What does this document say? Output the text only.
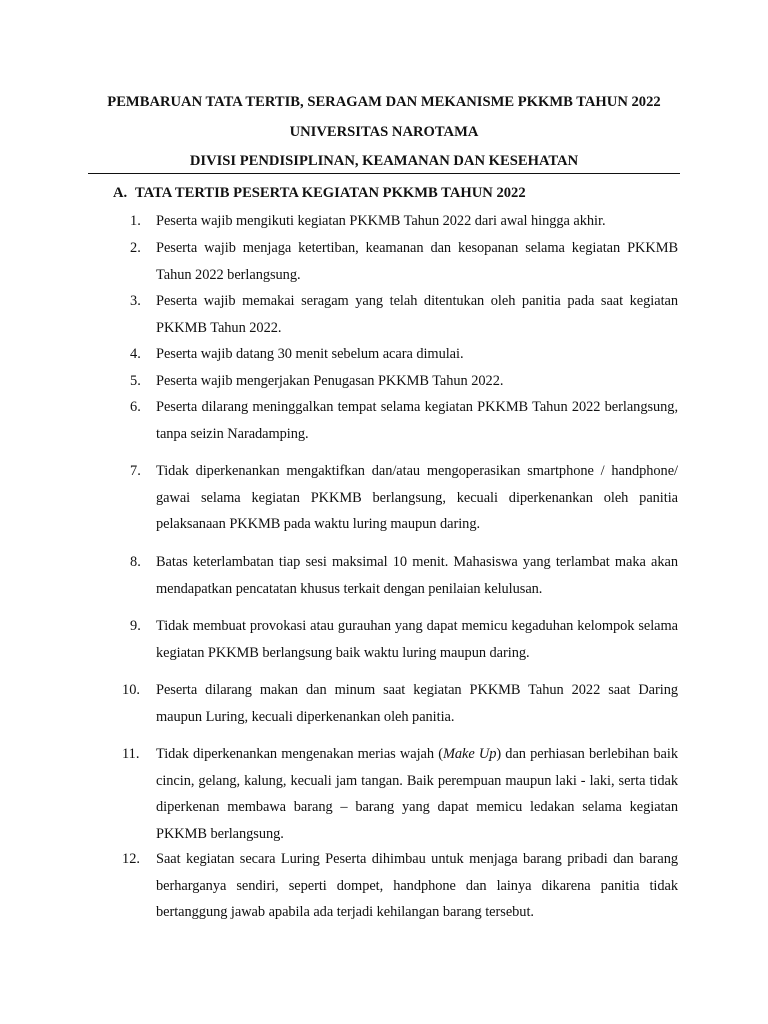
PEMBARUAN TATA TERTIB, SERAGAM DAN MEKANISME PKKMB TAHUN 2022
UNIVERSITAS NAROTAMA
DIVISI PENDISIPLINAN, KEAMANAN DAN KESEHATAN
A. TATA TERTIB PESERTA KEGIATAN PKKMB TAHUN 2022
1.	Peserta wajib mengikuti kegiatan PKKMB Tahun 2022 dari awal hingga akhir.
2.	Peserta wajib menjaga ketertiban, keamanan dan kesopanan selama kegiatan PKKMB Tahun 2022 berlangsung.
3.	Peserta wajib memakai seragam yang telah ditentukan oleh panitia pada saat kegiatan PKKMB Tahun 2022.
4.	Peserta wajib datang 30 menit sebelum acara dimulai.
5.	Peserta wajib mengerjakan Penugasan PKKMB Tahun 2022.
6.	Peserta dilarang meninggalkan tempat selama kegiatan PKKMB Tahun 2022 berlangsung, tanpa seizin Naradamping.
7.	Tidak diperkenankan mengaktifkan dan/atau mengoperasikan smartphone / handphone/ gawai selama kegiatan PKKMB berlangsung, kecuali diperkenankan oleh panitia pelaksanaan PKKMB pada waktu luring maupun daring.
8.	Batas keterlambatan tiap sesi maksimal 10 menit. Mahasiswa yang terlambat maka akan mendapatkan pencatatan khusus terkait dengan penilaian kelulusan.
9.	Tidak membuat provokasi atau gurauhan yang dapat memicu kegaduhan kelompok selama kegiatan PKKMB berlangsung baik waktu luring maupun daring.
10.	Peserta dilarang makan dan minum saat kegiatan PKKMB Tahun 2022 saat Daring maupun Luring, kecuali diperkenankan oleh panitia.
11.	Tidak diperkenankan mengenakan merias wajah (Make Up) dan perhiasan berlebihan baik cincin, gelang, kalung, kecuali jam tangan. Baik perempuan maupun laki - laki, serta tidak diperkenan membawa barang – barang yang dapat memicu ledakan selama kegiatan PKKMB berlangsung.
12.	Saat kegiatan secara Luring Peserta dihimbau untuk menjaga barang pribadi dan barang berharganya sendiri, seperti dompet, handphone dan lainya dikarena panitia tidak bertanggung jawab apabila ada terjadi kehilangan barang tersebut.
